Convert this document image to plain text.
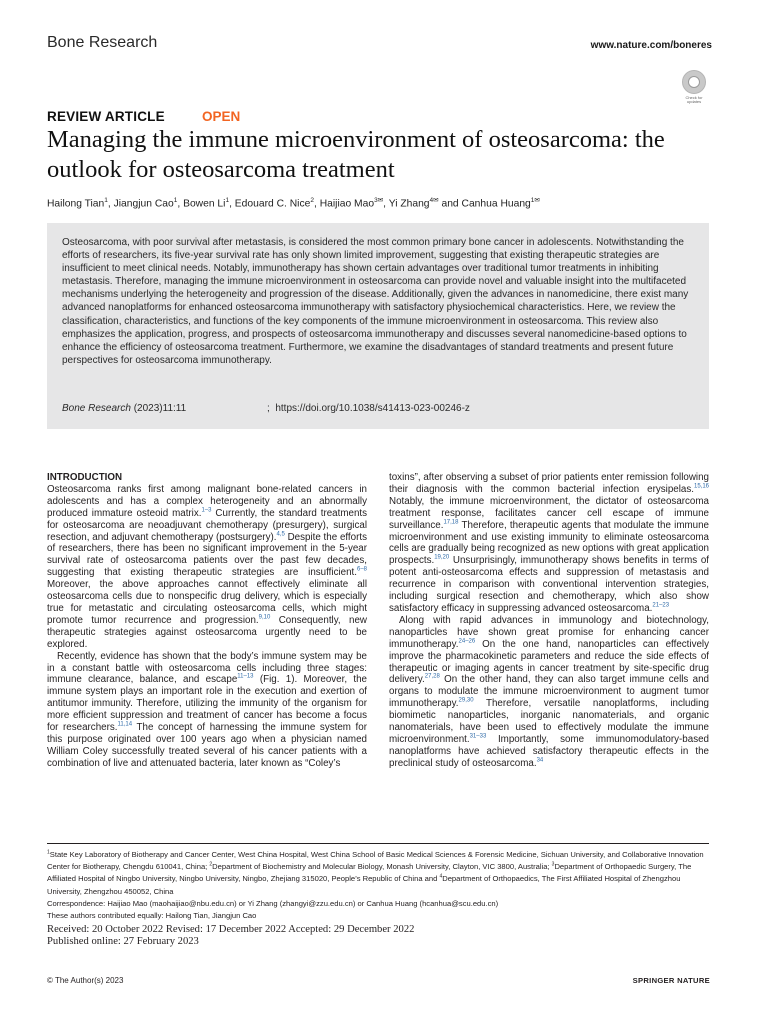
Bone Research	www.nature.com/boneres
Check for updates
REVIEW ARTICLE	OPEN
Managing the immune microenvironment of osteosarcoma: the outlook for osteosarcoma treatment
Hailong Tian$^1$, Jiangjun Cao$^1$, Bowen Li$^1$, Edouard C. Nice$^2$, Haijiao Mao$^{3✉}$, Yi Zhang$^{4✉}$ and Canhua Huang$^{1✉}$
Osteosarcoma, with poor survival after metastasis, is considered the most common primary bone cancer in adolescents. Notwithstanding the efforts of researchers, its five-year survival rate has only shown limited improvement, suggesting that existing therapeutic strategies are insufficient to meet clinical needs. Notably, immunotherapy has shown certain advantages over traditional tumor treatments in inhibiting metastasis. Therefore, managing the immune microenvironment in osteosarcoma can provide novel and valuable insight into the multifaceted mechanisms underlying the heterogeneity and progression of the disease. Additionally, given the advances in nanomedicine, there exist many advanced nanoplatforms for enhanced osteosarcoma immunotherapy with satisfactory physiochemical characteristics. Here, we review the classification, characteristics, and functions of the key components of the immune microenvironment in osteosarcoma. This review also emphasizes the application, progress, and prospects of osteosarcoma immunotherapy and discusses several nanomedicine-based options to enhance the efficiency of osteosarcoma treatment. Furthermore, we examine the disadvantages of standard treatments and present future perspectives for osteosarcoma immunotherapy.
Bone Research (2023)11:11	;  https://doi.org/10.1038/s41413-023-00246-z
INTRODUCTION

Osteosarcoma ranks first among malignant bone-related cancers in adolescents and has a complex heterogeneity and an abnormally produced immature osteoid matrix.$^{1-3}$ Currently, the standard treatments for osteosarcoma are neoadjuvant chemotherapy (presurgery), surgical resection, and adjuvant chemotherapy (postsurgery).$^{4,5}$ Despite the efforts of researchers, there has been no significant improvement in the 5-year survival rate of osteosarcoma patients over the past few decades, suggesting that existing therapeutic strategies are insufficient.$^{6-8}$ Moreover, the above approaches cannot effectively eliminate all osteosarcoma cells due to nonspecific drug delivery, which is especially true for metastatic and circulating osteosarcoma cells, which might promote tumor recurrence and progression.$^{9,10}$ Consequently, new therapeutic strategies against osteosarcoma urgently need to be explored.

Recently, evidence has shown that the body’s immune system may be in a constant battle with osteosarcoma cells including three stages: immune clearance, balance, and escape$^{11-13}$ (Fig. 1). Moreover, the immune system plays an important role in the execution and exertion of antitumor immunity. Therefore, utilizing the immunity of the organism for more efficient suppression and treatment of cancer has become a focus for researchers.$^{11,14}$ The concept of harnessing the immune system for this purpose originated over 100 years ago when a physician named William Coley successfully treated several of his cancer patients with a combination of live and attenuated bacteria, later known as “Coley’s

toxins”, after observing a subset of prior patients enter remission following their diagnosis with the common bacterial infection erysipelas.$^{15,16}$ Notably, the immune microenvironment, the dictator of osteosarcoma treatment response, facilitates cancer cell escape of immune surveillance.$^{17,18}$ Therefore, therapeutic agents that modulate the immune microenvironment and use existing immunity to eliminate osteosarcoma cells are gradually being recognized as new options with great application prospects.$^{19,20}$ Unsurprisingly, immunotherapy shows benefits in terms of potent anti-osteosarcoma effects and suppression of metastasis and recurrence in comparison with conventional intervention strategies, including surgical resection and chemotherapy, which also show satisfactory efficacy in suppressing advanced osteosarcoma.$^{21-23}$

Along with rapid advances in immunology and biotechnology, nanoparticles have shown great promise for enhancing cancer immunotherapy.$^{24-26}$ On the one hand, nanoparticles can effectively improve the pharmacokinetic parameters and reduce the side effects of therapeutic or imaging agents in cancer treatment by site-specific drug delivery.$^{27,28}$ On the other hand, they can also target immune cells and organs to modulate the immune microenvironment to augment tumor immunotherapy.$^{29,30}$ Therefore, versatile nanoplatforms, including biomimetic nanoparticles, inorganic nanomaterials, and organic nanomaterials, have been used to effectively modulate the immune microenvironment.$^{31-33}$ Importantly, some immunomodulatory-based nanoplatforms have achieved satisfactory therapeutic effects in the preclinical study of osteosarcoma.$^{34}$

$^1$State Key Laboratory of Biotherapy and Cancer Center, West China Hospital, West China School of Basic Medical Sciences & Forensic Medicine, Sichuan University, and Collaborative Innovation Center for Biotherapy, Chengdu 610041, China; $^2$Department of Biochemistry and Molecular Biology, Monash University, Clayton, VIC 3800, Australia; $^3$Department of Orthopaedic Surgery, The Affiliated Hospital of Ningbo University, Ningbo University, Ningbo, Zhejiang 315020, People’s Republic of China and $^4$Department of Orthopaedics, The First Affiliated Hospital of Zhengzhou University, Zhengzhou 450052, China
Correspondence: Haijiao Mao (maohaijiao@nbu.edu.cn) or Yi Zhang (zhangyi@zzu.edu.cn) or Canhua Huang (hcanhua@scu.edu.cn)
These authors contributed equally: Hailong Tian, Jiangjun Cao
Received: 20 October 2022 Revised: 17 December 2022 Accepted: 29 December 2022
Published online: 27 February 2023
© The Author(s) 2023	SPRINGER NATURE
